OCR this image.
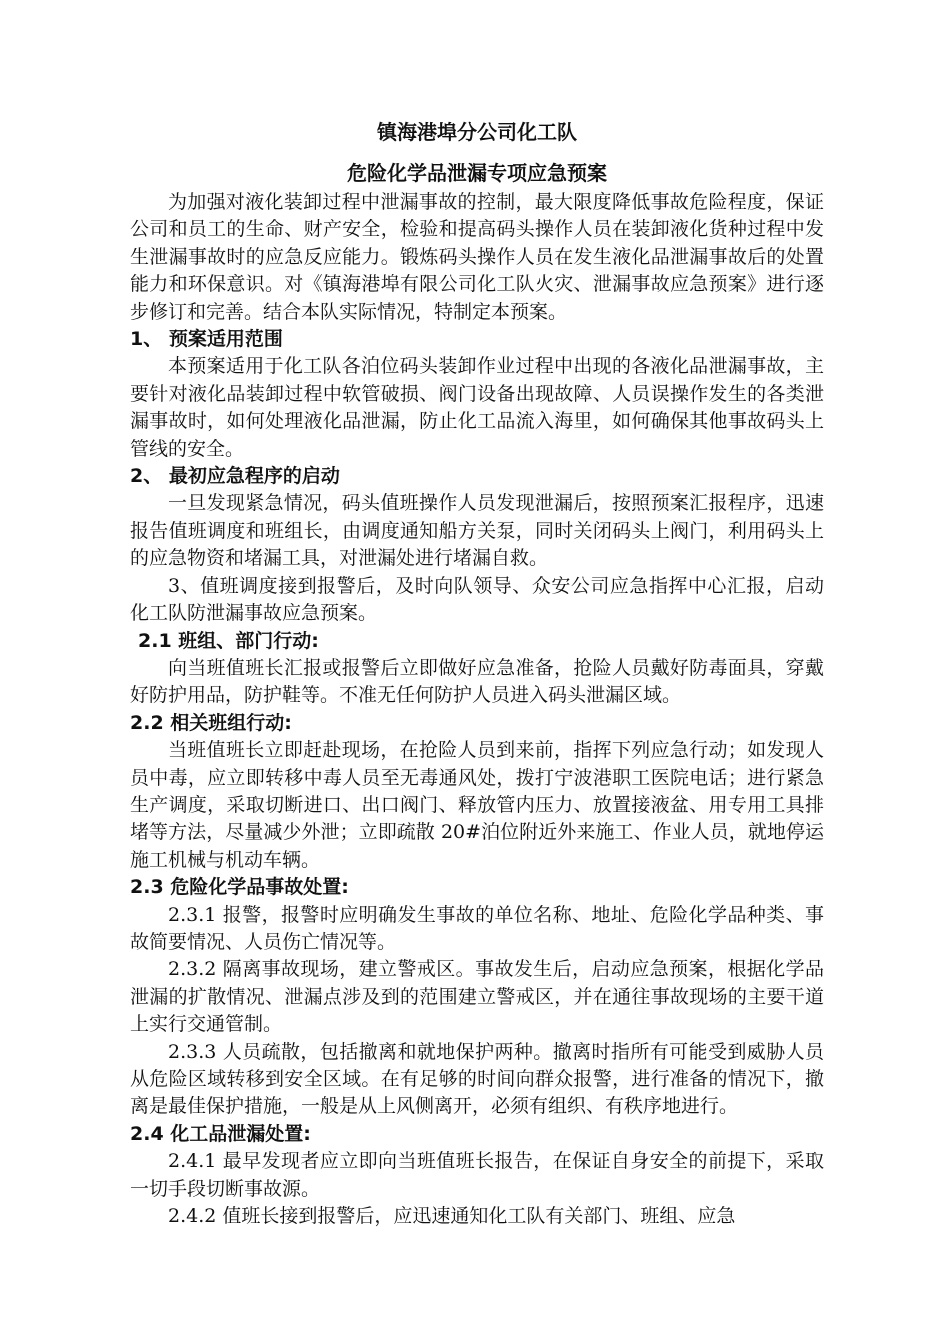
镇海港埠分公司化工队

危险化学品泄漏专项应急预案

为加强对液化装卸过程中泄漏事故的控制，最大限度降低事故危险程度，保证公司和员工的生命、财产安全，检验和提高码头操作人员在装卸液化货种过程中发生泄漏事故时的应急反应能力。锻炼码头操作人员在发生液化品泄漏事故后的处置能力和环保意识。对《镇海港埠有限公司化工队火灾、泄漏事故应急预案》进行逐步修订和完善。结合本队实际情况，特制定本预案。

1、 预案适用范围

本预案适用于化工队各泊位码头装卸作业过程中出现的各液化品泄漏事故，主要针对液化品装卸过程中软管破损、阀门设备出现故障、人员误操作发生的各类泄漏事故时，如何处理液化品泄漏，防止化工品流入海里，如何确保其他事故码头上管线的安全。

2、 最初应急程序的启动

一旦发现紧急情况，码头值班操作人员发现泄漏后，按照预案汇报程序，迅速报告值班调度和班组长，由调度通知船方关泵，同时关闭码头上阀门，利用码头上的应急物资和堵漏工具，对泄漏处进行堵漏自救。

3、值班调度接到报警后，及时向队领导、众安公司应急指挥中心汇报，启动化工队防泄漏事故应急预案。

2.1 班组、部门行动:

向当班值班长汇报或报警后立即做好应急准备，抢险人员戴好防毒面具，穿戴好防护用品，防护鞋等。不准无任何防护人员进入码头泄漏区域。

2.2 相关班组行动:

当班值班长立即赶赴现场，在抢险人员到来前，指挥下列应急行动；如发现人员中毒，应立即转移中毒人员至无毒通风处，拨打宁波港职工医院电话；进行紧急生产调度，采取切断进口、出口阀门、释放管内压力、放置接液盆、用专用工具排堵等方法，尽量减少外泄；立即疏散 20#泊位附近外来施工、作业人员，就地停运施工机械与机动车辆。

2.3 危险化学品事故处置:

2.3.1 报警，报警时应明确发生事故的单位名称、地址、危险化学品种类、事故简要情况、人员伤亡情况等。

2.3.2 隔离事故现场，建立警戒区。事故发生后，启动应急预案，根据化学品泄漏的扩散情况、泄漏点涉及到的范围建立警戒区，并在通往事故现场的主要干道上实行交通管制。

2.3.3 人员疏散，包括撤离和就地保护两种。撤离时指所有可能受到威胁人员从危险区域转移到安全区域。在有足够的时间向群众报警，进行准备的情况下，撤离是最佳保护措施，一般是从上风侧离开，必须有组织、有秩序地进行。

2.4 化工品泄漏处置:

2.4.1 最早发现者应立即向当班值班长报告，在保证自身安全的前提下，采取一切手段切断事故源。

2.4.2 值班长接到报警后，应迅速通知化工队有关部门、班组、应急
